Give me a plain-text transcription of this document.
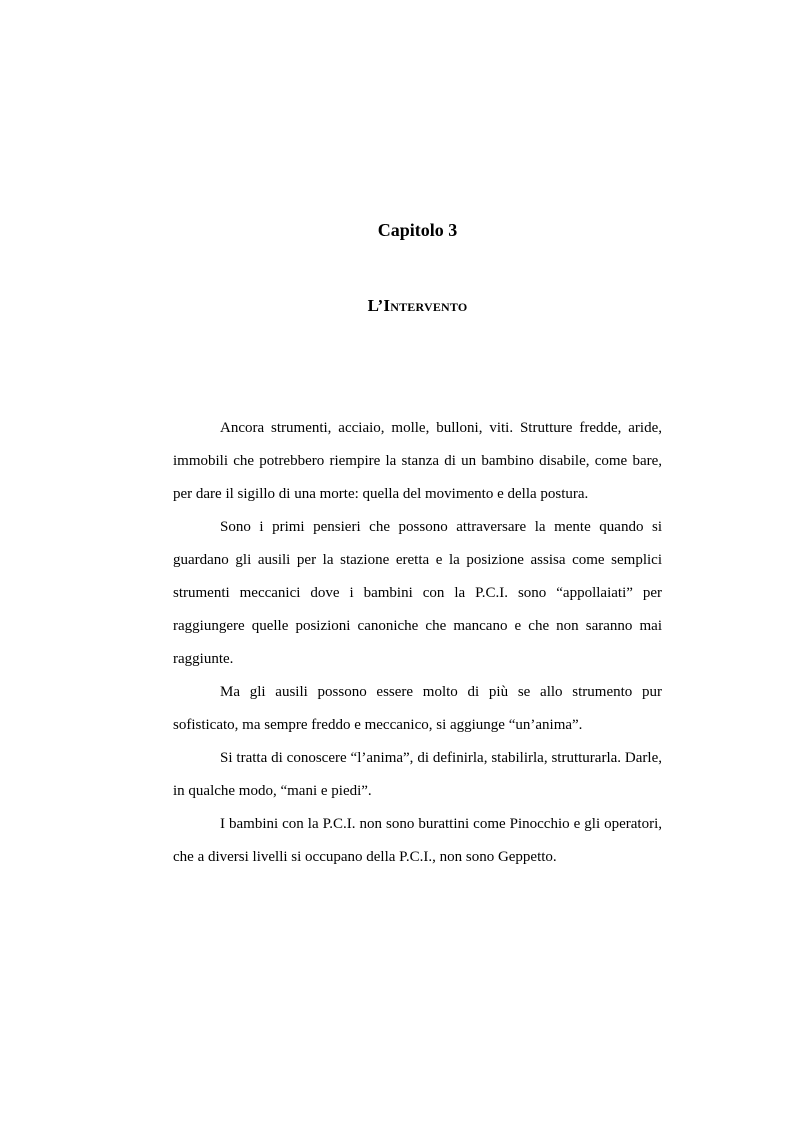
Capitolo 3
L’Intervento

Ancora strumenti, acciaio, molle, bulloni, viti. Strutture fredde, aride, immobili che potrebbero riempire la stanza di un bambino disabile, come bare, per dare il sigillo di una morte: quella del movimento e della postura.

Sono i primi pensieri che possono attraversare la mente quando si guardano gli ausili per la stazione eretta e la posizione assisa come semplici strumenti meccanici dove i bambini con la P.C.I. sono “appollaiati” per raggiungere quelle posizioni canoniche che mancano e che non saranno mai raggiunte.

Ma gli ausili possono essere molto di più se allo strumento pur sofisticato, ma sempre freddo e meccanico, si aggiunge “un’anima”.

Si tratta di conoscere “l’anima”, di definirla, stabilirla, strutturarla. Darle, in qualche modo, “mani e piedi”.

I bambini con la P.C.I. non sono burattini come Pinocchio e gli operatori, che a diversi livelli si occupano della P.C.I., non sono Geppetto.
